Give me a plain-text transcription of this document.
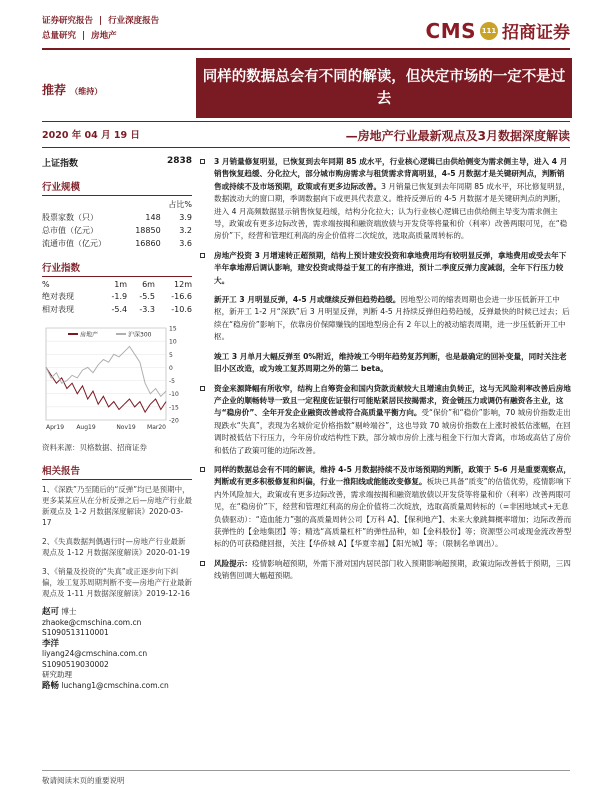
证券研究报告 | 行业深度报告
总量研究 | 房地产	CMS 111 招商证券
推荐 （维持）
同样的数据总会有不同的解读，但决定市场的一定不是过去
2020 年 04 月 19 日	—房地产行业最新观点及3月数据深度解读
上证指数	2838
行业规模
		占比%
股票家数（只）	148	3.9
总市值（亿元）	18850	3.2
流通市值（亿元）	16860	3.6
行业指数
%	1m	6m	12m
绝对表现	-1.9	-5.5	-16.6
相对表现	-5.4	-3.3	-10.6
15
10
5
0
-5
-10
-15
-20
Apr19 Aug19	Nov19 Mar20
房地产	沪深300
资料来源：贝格数据、招商证券
相关报告

1、《深跌”乃至随后的“反弹”均已是预期中，更多某某应从在分析反弹之后—房地产行业最新观点及 1-2 月数据深度解读》2020-03-17

2、《失真数据判偶遇行时—房地产行业最新观点及 1-12 月数据深度解读》2020-01-19

3、《销量及投资的“失真”或正逐步向下纠偏，竣工复苏周期判断不变—房地产行业最新观点及 1-11 月数据深度解读》2019-12-16

赵可 博士
zhaoke@cmschina.com.cn
S1090513110001
李洋
liyang24@cmschina.com.cn
S1090519030002
研究助理
路畅 luchang1@cmschina.com.cn
3 月销量修复明显，已恢复到去年同期 85 成水平，行业核心逻辑已由供给侧变为需求侧主导，进入 4 月销售恢复趋缓、分化拉大，部分城市购房需求与租赁需求背离明显，4-5 月数据才是关键研判点，判断销售或持续不及市场预期，政策或有更多边际改善。3 月销量已恢复到去年同期 85 成水平，环比修复明显，数据波动大的窗口期，季调数据向下或更具代表意义。维持反弹后的 4-5 月数据才是关键研判点的判断，进入 4 月高频数据显示销售恢复趋缓，结构分化拉大；认为行业核心逻辑已由供给侧主导变为需求侧主导，政策或有更多边际改善，需求端按揭和融资端放债与开发贷等将量和价（利率）改善两眼可见，在“稳房价”下，经营和管理红利高的房企价值将二次绽放，选取高质量周转标的。
房地产投资 3 月增速转正超预期，结构上预计建安投资和拿地费用均有较明显反弹，拿地费用或受去年下半年拿地滞后调认影响，建安投资或得益于复工的有序推进，预计二季度反弹力度减弱，全年下行压力较大。
新开工 3 月明显反弹，4-5 月或继续反弹但趋势趋缓。因地型公司的缩表周期也会进一步压低新开工中枢，新开工 1-2 月“深跌”后 3 月明显反弹，判断 4-5 月持续反弹但趋势趋缓，反弹最快的时候已过去；后续在“稳房价”影响下，依靠房价保障赚钱的国地型房企有 2 年以上的被动缩表周期，进一步压低新开工中枢。
竣工 3 月单月大幅反弹至 0%附近，维持竣工今明年趋势复苏判断，也是最确定的回补变量，同时关注老旧小区改造，或为竣工复苏周期之外的第二 beta。
资金来源降幅有所收窄，结构上自筹资金和国内贷款贡献较大且增速由负转正，这与无风险利率改善后房地产企业的顺畅转导一致且一定程度佐证银行可能贴紧居民按揭需求，资金链压力或调仍有融资各主业，这与“稳房价”、全年开发企业融资改善或符合高质量平衡方向。受“保价”和“稳价”影响，70 城房价指数走出现跌水“失真”，表现为名城价定价格指数“剔岭端谷”，这也导致 70 城房价指数在上涨时被低估涨幅，在回调时被低估下行压力，今年房价或结构性下跌，部分城市房价上涨与租金下行加大背离，市场或高估了房价和低估了政策可能的边际改善。
同样的数据总会有不同的解读，维持 4-5 月数据持续不及市场预期的判断，政策于 5-6 月是重要观察点，判断或有更多积极修复和纠偏，行业一推阳线或能能改变修复。板块已具备“质变”的估值优势，疫情影响下内外风险加大，政策或有更多边际改善，需求端按揭和融资端放债以开发贷等将量和价（利率）改善两眼可见，在“稳房价”下，经营和管理红利高的房企价值将二次绽放，选取高质量周转标的（=非困地域式+无息负债驱动）：“造血能力”强的高质量周转公司【万科 A】、【保利地产】、未来大象跳舞概率增加；边际改善而获弹性的【金地集团】等；精选“高质量杠杆”的弹性品种，如【金科股份】等；资源型公司或现金流改善型标的仍可获稳健回报，关注【华侨城 A】【华夏幸福】【阳光城】等；（限制名单调出）。
风险提示：疫情影响超预期，外需下滑对国内居民部门收入预期影响超预期，政策边际改善低于预期，三四线销售回调大幅超预期。
敬请阅读末页的重要说明
